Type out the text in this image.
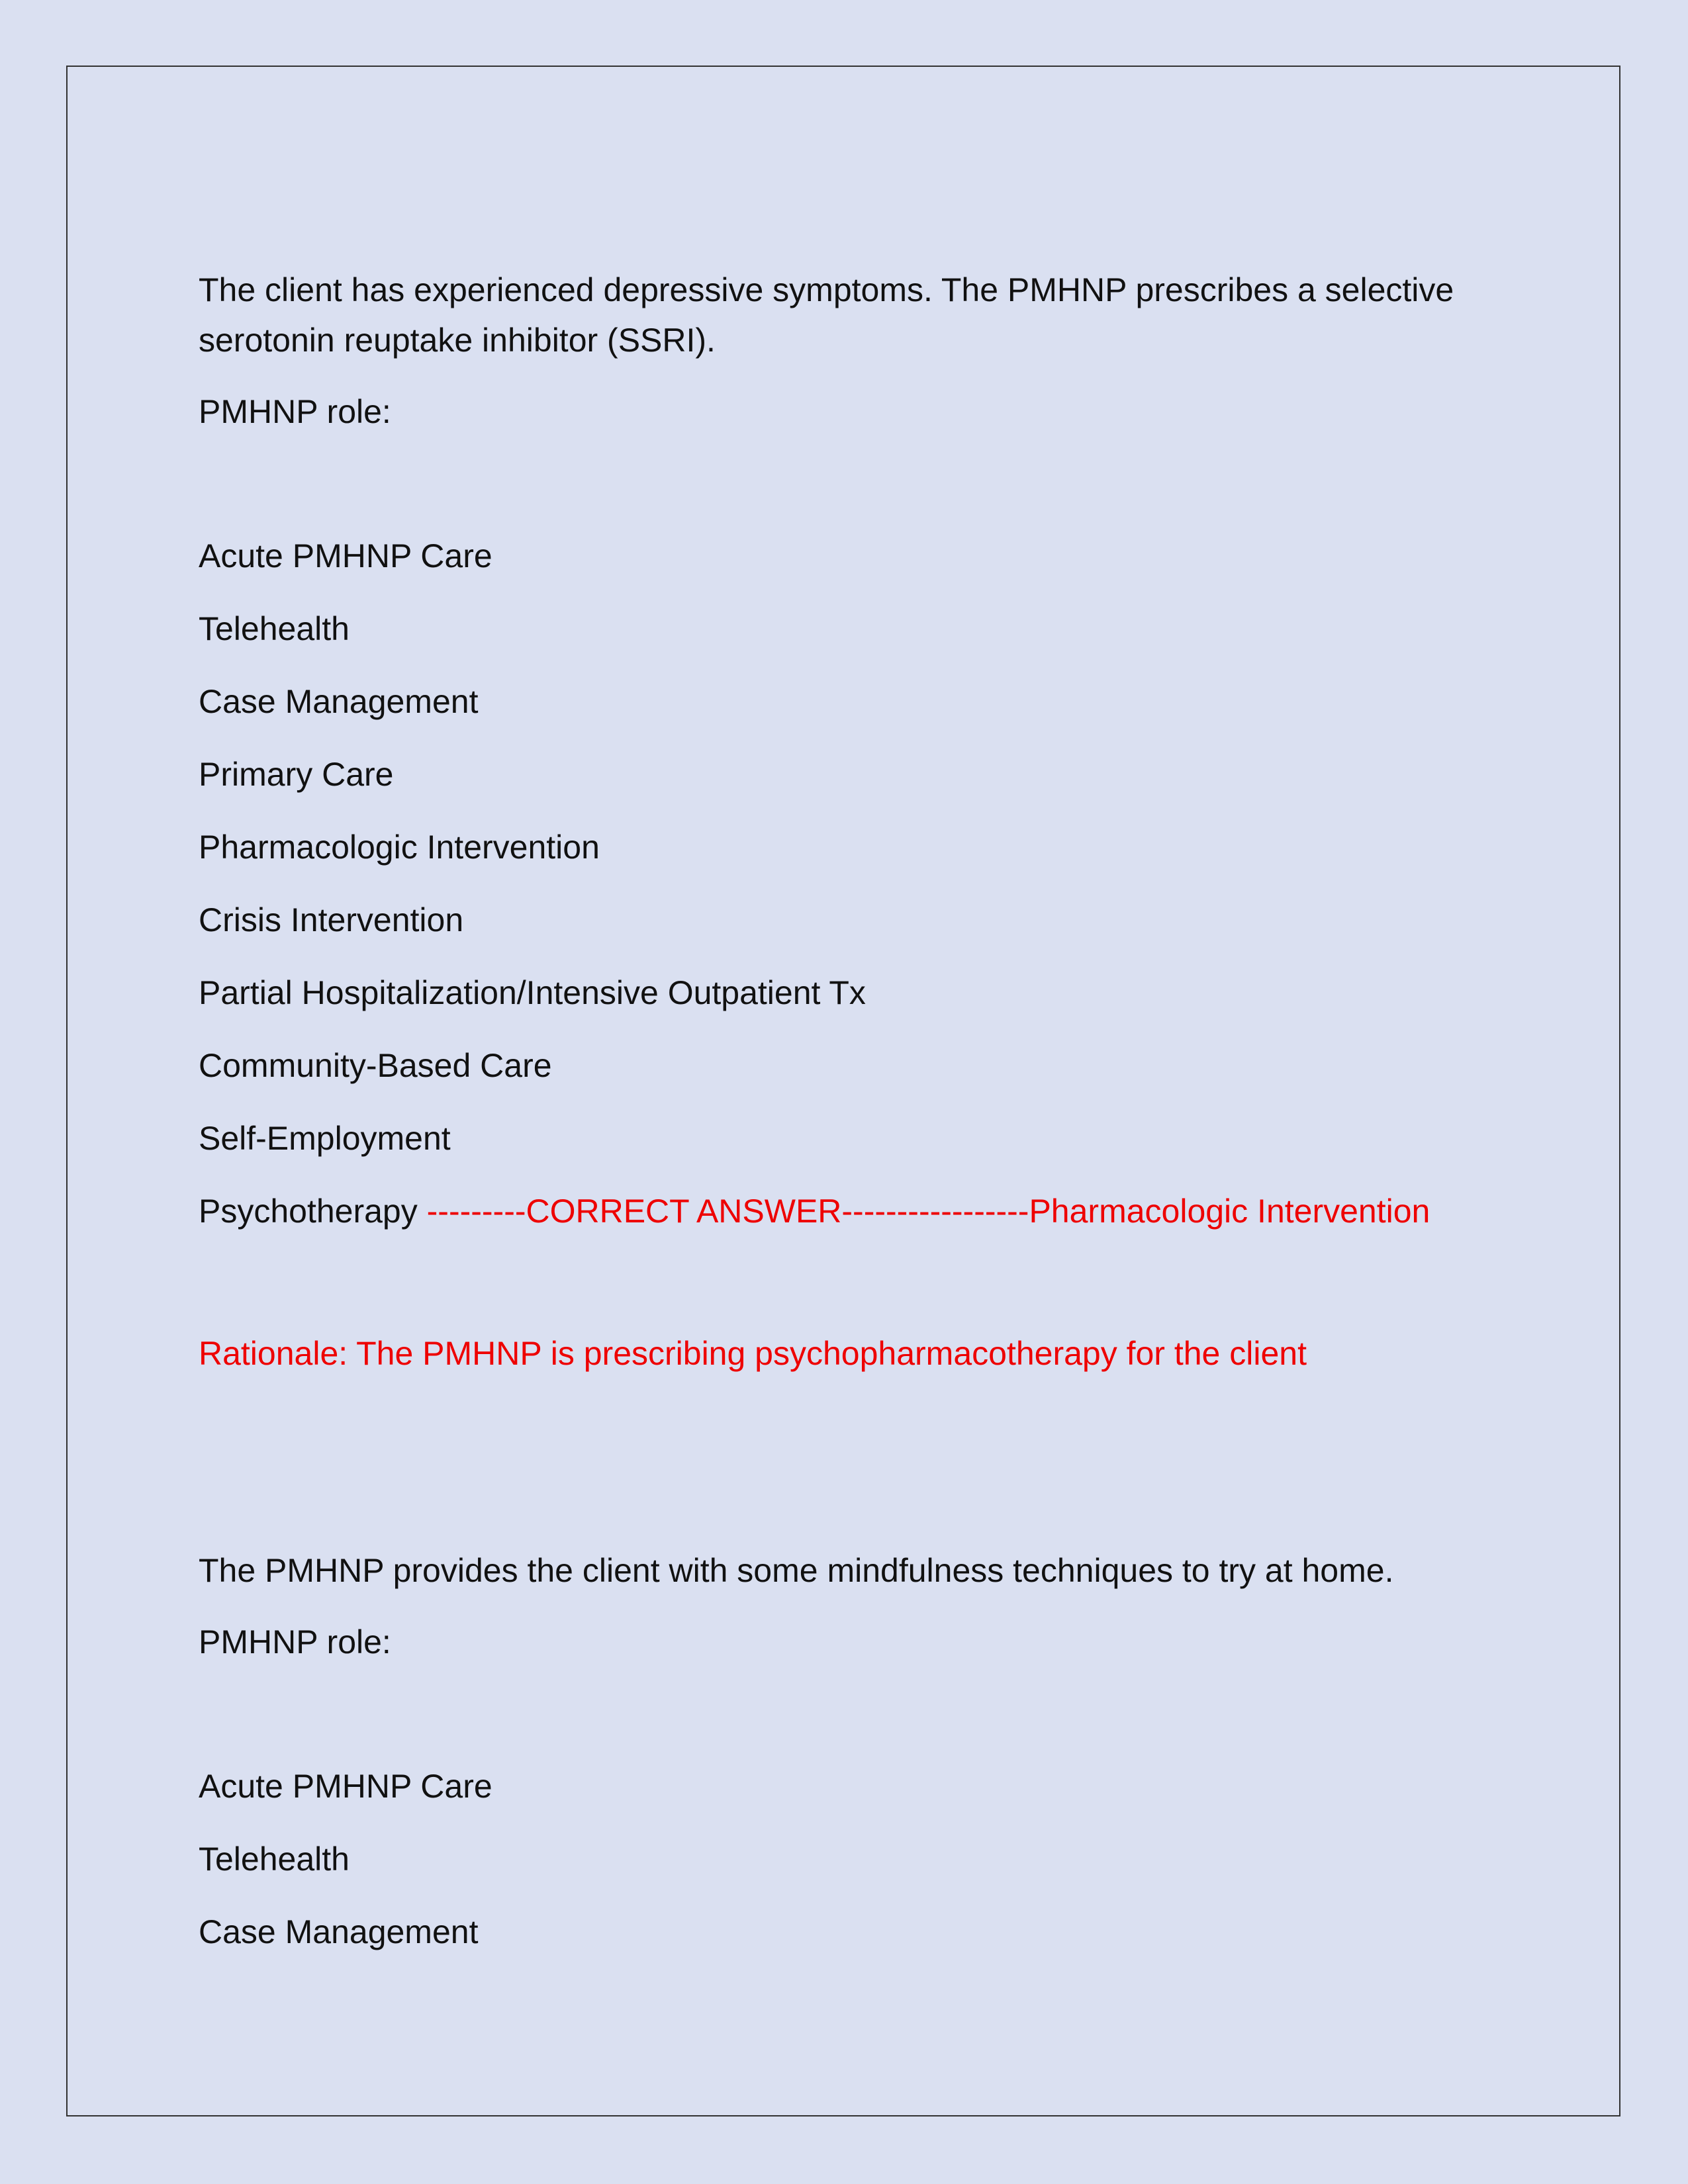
The client has experienced depressive symptoms. The PMHNP prescribes a selective serotonin reuptake inhibitor (SSRI).

PMHNP role:

Acute PMHNP Care

Telehealth

Case Management

Primary Care

Pharmacologic Intervention

Crisis Intervention

Partial Hospitalization/Intensive Outpatient Tx

Community-Based Care

Self-Employment

Psychotherapy ---------CORRECT ANSWER-----------------Pharmacologic Intervention

Rationale: The PMHNP is prescribing psychopharmacotherapy for the client

The PMHNP provides the client with some mindfulness techniques to try at home.

PMHNP role:

Acute PMHNP Care

Telehealth

Case Management
